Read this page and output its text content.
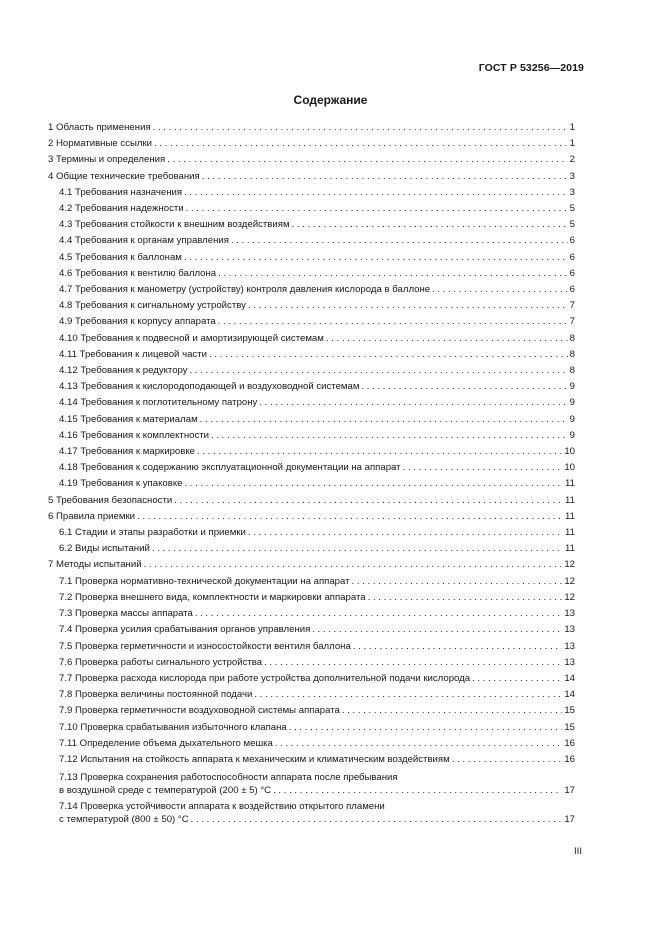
ГОСТ Р 53256—2019
Содержание
1 Область применения . . .	1
2 Нормативные ссылки . . .	1
3 Термины и определения . . .	2
4 Общие технические требования . . .	3
4.1 Требования назначения . . .	3
4.2 Требования надежности . . .	5
4.3 Требования стойкости к внешним воздействиям . . .	5
4.4 Требования к органам управления . . .	6
4.5 Требования к баллонам . . .	6
4.6 Требования к вентилю баллона . . .	6
4.7 Требования к манометру (устройству) контроля давления кислорода в баллоне . . .	6
4.8 Требования к сигнальному устройству . . .	7
4.9 Требования к корпусу аппарата . . .	7
4.10 Требования к подвесной и амортизирующей системам . . .	8
4.11 Требования к лицевой части . . .	8
4.12 Требования к редуктору . . .	8
4.13 Требования к кислородоподающей и воздуховодной системам . . .	9
4.14 Требования к поглотительному патрону . . .	9
4.15 Требования к материалам . . .	9
4.16 Требования к комплектности . . .	9
4.17 Требования к маркировке . . .	10
4.18 Требования к содержанию эксплуатационной документации на аппарат . . .	10
4.19 Требования к упаковке . . .	11
5 Требования безопасности . . .	11
6 Правила приемки . . .	11
6.1 Стадии и этапы разработки и приемки . . .	11
6.2 Виды испытаний . . .	11
7 Методы испытаний . . .	12
7.1 Проверка нормативно-технической документации на аппарат . . .	12
7.2 Проверка внешнего вида, комплектности и маркировки аппарата . . .	12
7.3 Проверка массы аппарата . . .	13
7.4 Проверка усилия срабатывания органов управления . . .	13
7.5 Проверка герметичности и износостойкости вентиля баллона . . .	13
7.6 Проверка работы сигнального устройства . . .	13
7.7 Проверка расхода кислорода при работе устройства дополнительной подачи кислорода . . .	14
7.8 Проверка величины постоянной подачи . . .	14
7.9 Проверка герметичности воздуховодной системы аппарата . . .	15
7.10 Проверка срабатывания избыточного клапана . . .	15
7.11 Определение объема дыхательного мешка . . .	16
7.12 Испытания на стойкость аппарата к механическим и климатическим воздействиям . . .	16
7.13 Проверка сохранения работоспособности аппарата после пребывания
в воздушной среде с температурой (200 ± 5) °С . . .	17
7.14 Проверка устойчивости аппарата к воздействию открытого пламени
с температурой (800 ± 50) °С . . .	17
III
